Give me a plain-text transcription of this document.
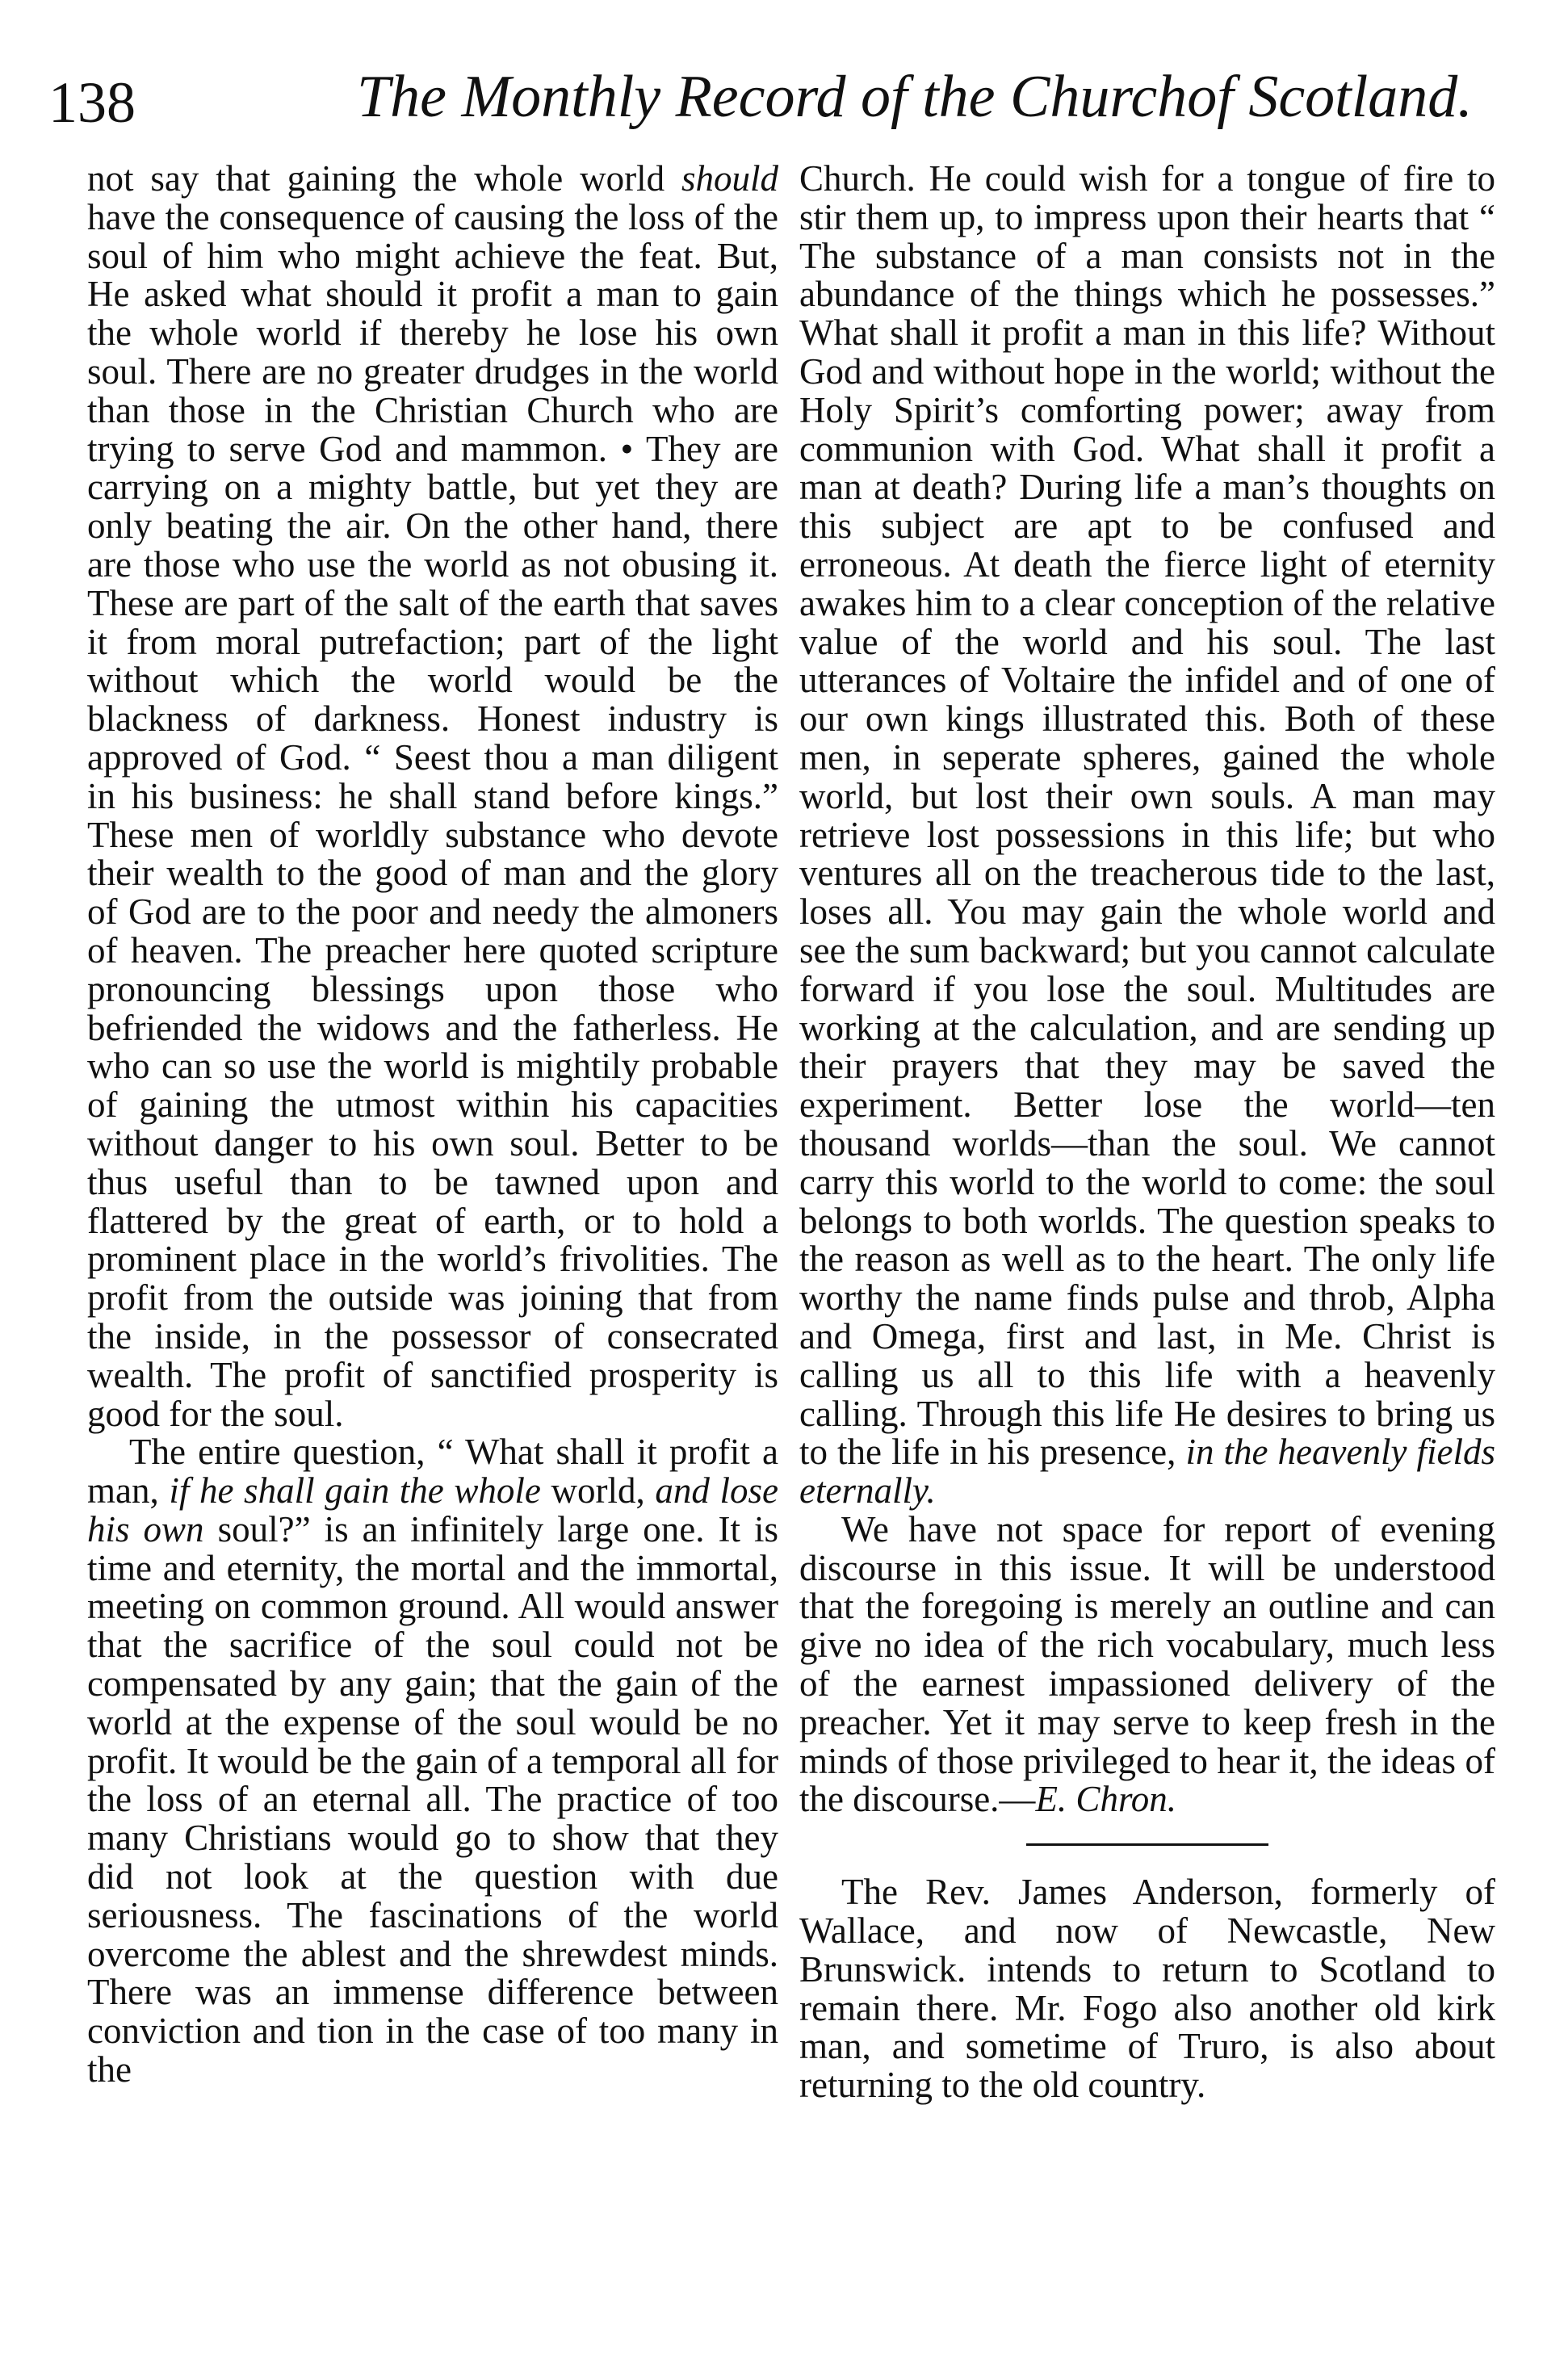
138	The Monthly Record of the Churchof Scotland.

not say that gaining the whole world should have the consequence of causing the loss of the soul of him who might achieve the feat. But, He asked what should it profit a man to gain the whole world if thereby he lose his own soul. There are no greater drudges in the world than those in the Christian Church who are trying to serve God and mammon. • They are carrying on a mighty battle, but yet they are only beating the air. On the other hand, there are those who use the world as not obusing it. These are part of the salt of the earth that saves it from moral putrefaction; part of the light without which the world would be the blackness of darkness. Honest industry is approved of God. “ Seest thou a man diligent in his business: he shall stand before kings.” These men of worldly substance who devote their wealth to the good of man and the glory of God are to the poor and needy the almoners of heaven. The preacher here quoted scripture pronouncing blessings upon those who befriended the widows and the fatherless. He who can so use the world is mightily probable of gaining the utmost within his capacities without danger to his own soul. Better to be thus useful than to be tawned upon and flattered by the great of earth, or to hold a prominent place in the world’s frivolities. The profit from the outside was joining that from the inside, in the possessor of consecrated wealth. The profit of sanctified prosperity is good for the soul.

The entire question, “ What shall it profit a man, if he shall gain the whole world, and lose his own soul?” is an infinitely large one. It is time and eternity, the mortal and the immortal, meeting on common ground. All would answer that the sacrifice of the soul could not be compensated by any gain; that the gain of the world at the expense of the soul would be no profit. It would be the gain of a temporal all for the loss of an eternal all. The practice of too many Christians would go to show that they did not look at the question with due seriousness. The fascinations of the world overcome the ablest and the shrewdest minds. There was an immense difference between conviction and tion in the case of too many in the

Church. He could wish for a tongue of fire to stir them up, to impress upon their hearts that “ The substance of a man consists not in the abundance of the things which he possesses.” What shall it profit a man in this life? Without God and without hope in the world; without the Holy Spirit’s comforting power; away from communion with God. What shall it profit a man at death? During life a man’s thoughts on this subject are apt to be confused and erroneous. At death the fierce light of eternity awakes him to a clear conception of the relative value of the world and his soul. The last utterances of Voltaire the infidel and of one of our own kings illustrated this. Both of these men, in seperate spheres, gained the whole world, but lost their own souls. A man may retrieve lost possessions in this life; but who ventures all on the treacherous tide to the last, loses all. You may gain the whole world and see the sum backward; but you cannot calculate forward if you lose the soul. Multitudes are working at the calculation, and are sending up their prayers that they may be saved the experiment. Better lose the world—ten thousand worlds—than the soul. We cannot carry this world to the world to come: the soul belongs to both worlds. The question speaks to the reason as well as to the heart. The only life worthy the name finds pulse and throb, Alpha and Omega, first and last, in Me. Christ is calling us all to this life with a heavenly calling. Through this life He desires to bring us to the life in his presence, in the heavenly fields eternally.

We have not space for report of evening discourse in this issue. It will be understood that the foregoing is merely an outline and can give no idea of the rich vocabulary, much less of the earnest impassioned delivery of the preacher. Yet it may serve to keep fresh in the minds of those privileged to hear it, the ideas of the discourse.—E. Chron.

The Rev. James Anderson, formerly of Wallace, and now of Newcastle, New Brunswick. intends to return to Scotland to remain there. Mr. Fogo also another old kirk man, and sometime of Truro, is also about returning to the old country.
